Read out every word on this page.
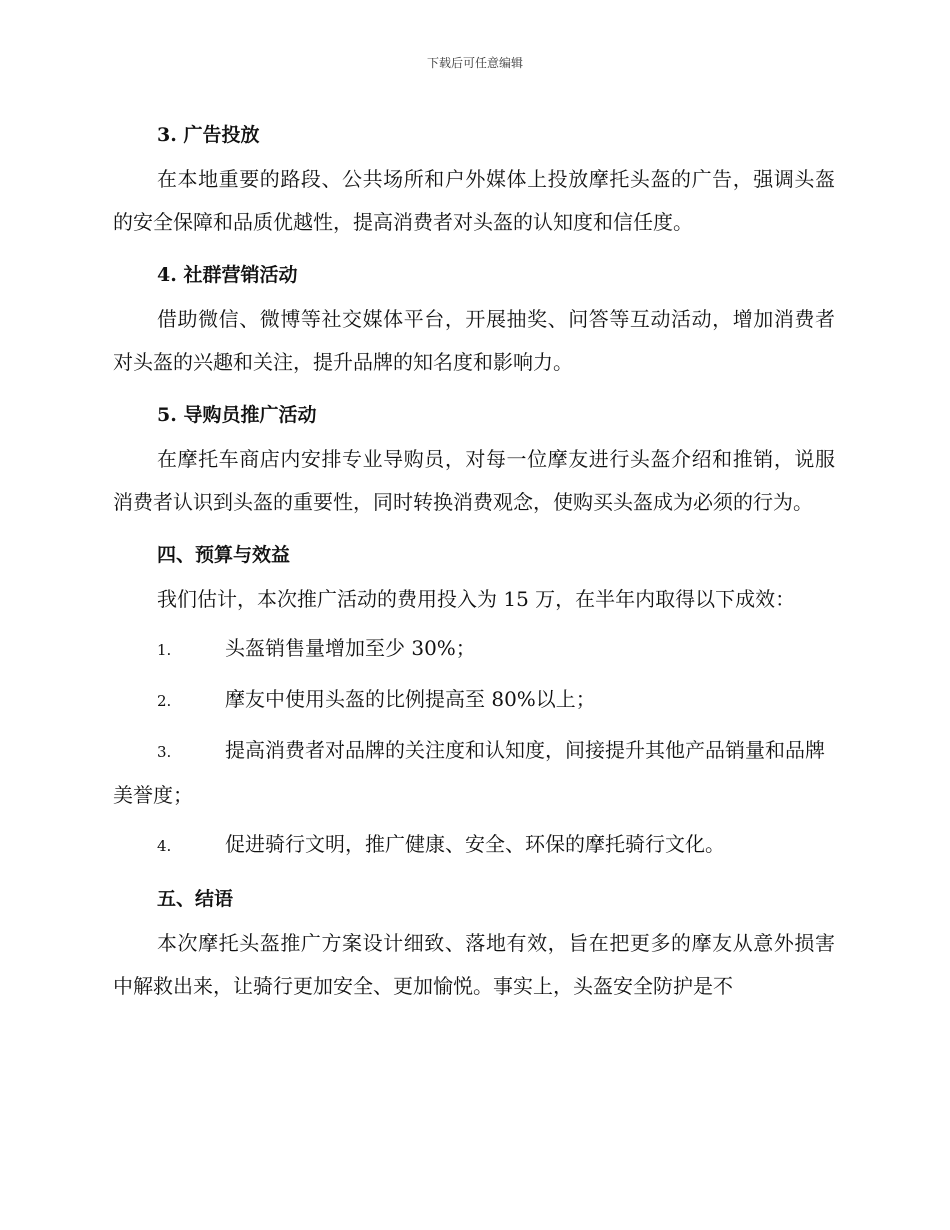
下载后可任意编辑
3. 广告投放

在本地重要的路段、公共场所和户外媒体上投放摩托头盔的广告，强调头盔的安全保障和品质优越性，提高消费者对头盔的认知度和信任度。

4. 社群营销活动

借助微信、微博等社交媒体平台，开展抽奖、问答等互动活动，增加消费者对头盔的兴趣和关注，提升品牌的知名度和影响力。

5. 导购员推广活动

在摩托车商店内安排专业导购员，对每一位摩友进行头盔介绍和推销，说服消费者认识到头盔的重要性，同时转换消费观念，使购买头盔成为必须的行为。

四、预算与效益

我们估计，本次推广活动的费用投入为 15 万，在半年内取得以下成效：

1.	头盔销售量增加至少 30%；
2.	摩友中使用头盔的比例提高至 80%以上；
3.	提高消费者对品牌的关注度和认知度，间接提升其他产品销量和品牌美誉度；
4.	促进骑行文明，推广健康、安全、环保的摩托骑行文化。
五、结语

本次摩托头盔推广方案设计细致、落地有效，旨在把更多的摩友从意外损害中解救出来，让骑行更加安全、更加愉悦。事实上，头盔安全防护是不
